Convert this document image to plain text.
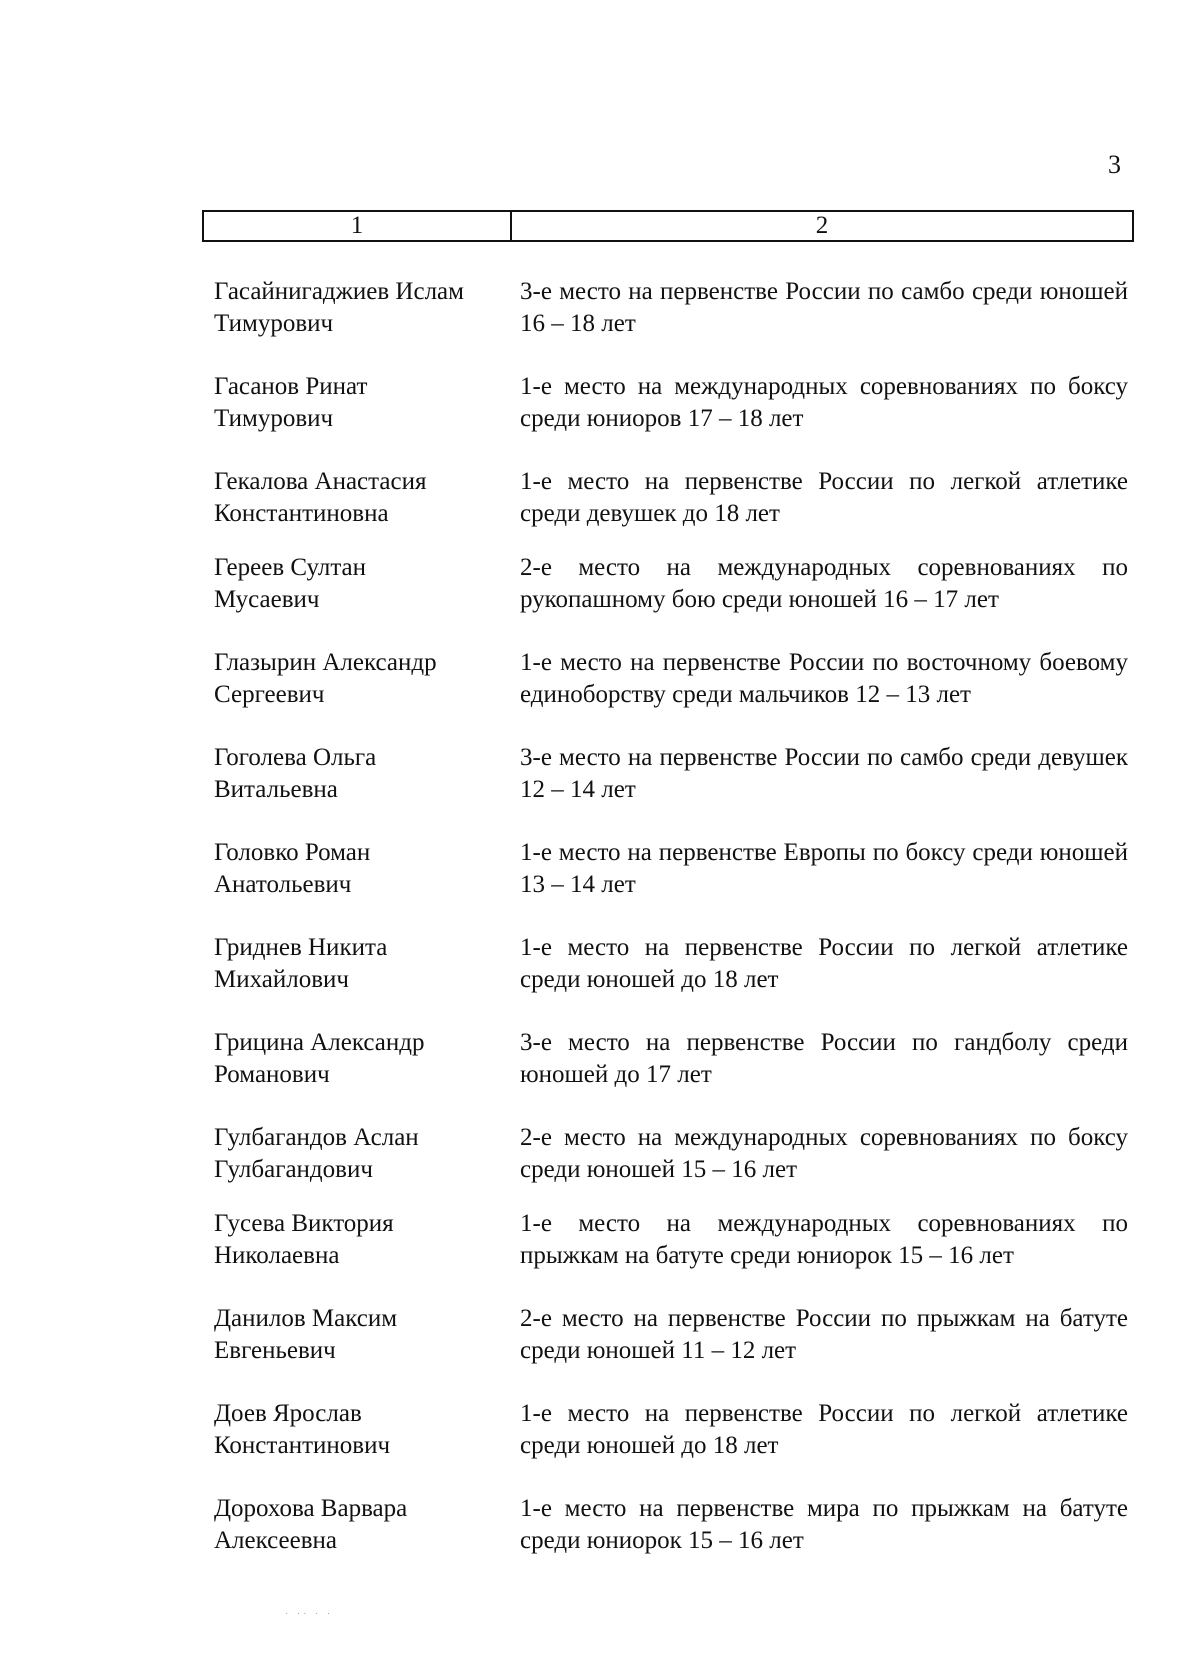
3
1	2
Гасайнигаджиев Ислам
Тимурович
3-е место на первенстве России по самбо среди юношей 16 – 18 лет
Гасанов Ринат
Тимурович
1-е место на международных соревнованиях по боксу среди юниоров 17 – 18 лет
Гекалова Анастасия
Константиновна
1-е место на первенстве России по легкой атлетике среди девушек до 18 лет
Гереев Султан
Мусаевич
2-е место на международных соревнованиях по рукопашному бою среди юношей 16 – 17 лет
Глазырин Александр
Сергеевич
1-е место на первенстве России по восточному боевому единоборству среди мальчиков 12 – 13 лет
Гоголева Ольга
Витальевна
3-е место на первенстве России по самбо среди девушек 12 – 14 лет
Головко Роман
Анатольевич
1-е место на первенстве Европы по боксу среди юношей 13 – 14 лет
Гриднев Никита
Михайлович
1-е место на первенстве России по легкой атлетике среди юношей до 18 лет
Грицина Александр
Романович
3-е место на первенстве России по гандболу среди юношей до 17 лет
Гулбагандов Аслан
Гулбагандович
2-е место на международных соревнованиях по боксу среди юношей 15 – 16 лет
Гусева Виктория
Николаевна
1-е место на международных соревнованиях по прыжкам на батуте среди юниорок 15 – 16 лет
Данилов Максим
Евгеньевич
2-е место на первенстве России по прыжкам на батуте среди юношей 11 – 12 лет
Доев Ярослав
Константинович
1-е место на первенстве России по легкой атлетике среди юношей до 18 лет
Дорохова Варвара
Алексеевна
1-е место на первенстве мира по прыжкам на батуте среди юниорок 15 – 16 лет
˙ ˙˙ ˙ ˙
